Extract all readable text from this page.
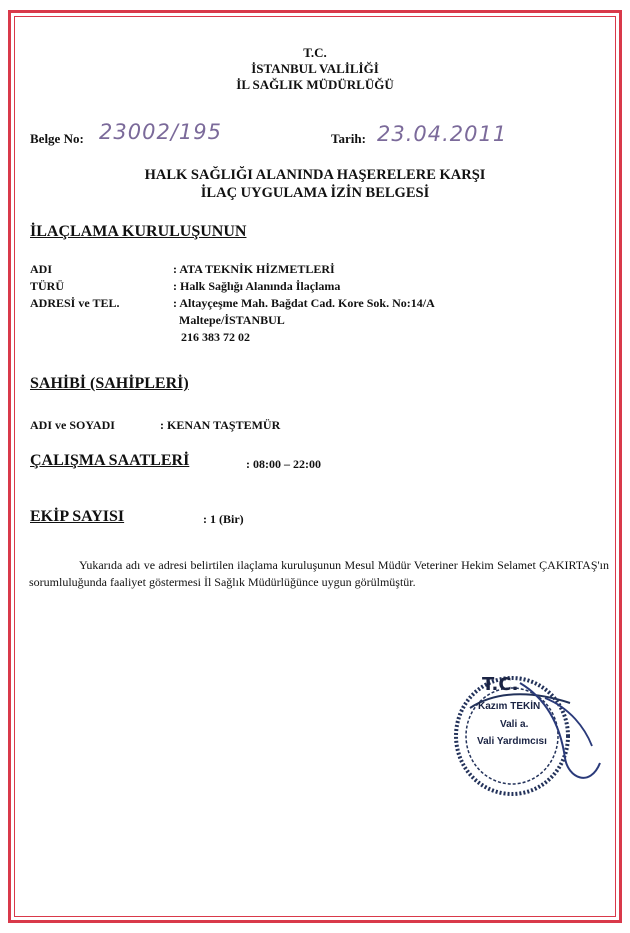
T.C.
İSTANBUL VALİLİĞİ
İL SAĞLIK MÜDÜRLÜĞÜ
Belge No: 23002/195	Tarih: 23.04.2011
HALK SAĞLIĞI ALANINDA HAŞERELERE KARŞI
İLAÇ UYGULAMA İZİN BELGESİ
İLAÇLAMA KURULUŞUNUN
ADI	: ATA TEKNİK HİZMETLERİ
TÜRÜ	: Halk Sağlığı Alanında İlaçlama
ADRESİ ve TEL.	: Altayçeşme Mah. Bağdat Cad. Kore Sok. No:14/A
Maltepe/İSTANBUL
216 383 72 02
SAHİBİ (SAHİPLERİ)
ADI ve SOYADI	: KENAN TAŞTEMÜR
ÇALIŞMA SAATLERİ	: 08:00 – 22:00
EKİP SAYISI	: 1 (Bir)
Yukarıda adı ve adresi belirtilen ilaçlama kuruluşunun Mesul Müdür Veteriner Hekim Selamet ÇAKIRTAŞ'ın sorumluluğunda faaliyet göstermesi İl Sağlık Müdürlüğünce uygun görülmüştür.
T.C.
Kazım TEKİN
Vali a.
Vali Yardımcısı
